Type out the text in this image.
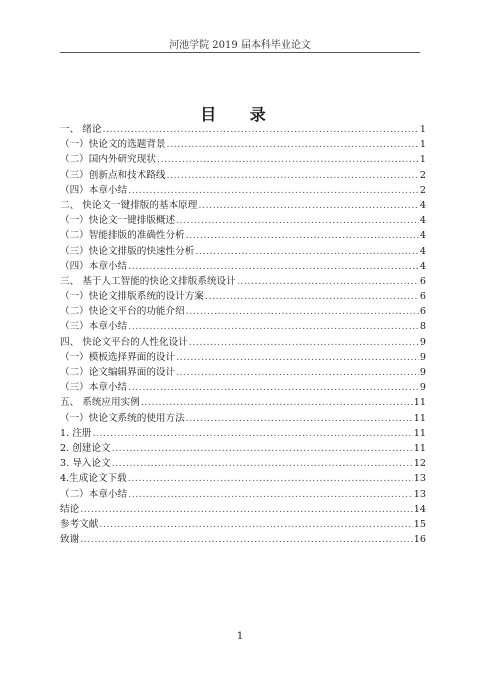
河池学院 2019 届本科毕业论文
目 录
一、 绪论 .....	1
（一）快论文的选题背景 .....	1
（二）国内外研究现状 .....	1
（三）创新点和技术路线 .....	2
（四）本章小结 .....	2
二、 快论文一键排版的基本原理 .....	4
（一）快论文一键排版概述 .....	4
（二）智能排版的准确性分析 .....	4
（三）快论文排版的快速性分析 .....	4
（四）本章小结 .....	4
三、 基于人工智能的快论文排版系统设计 .....	6
（一）快论文排版系统的设计方案 .....	6
（二）快论文平台的功能介绍 .....	6
（三）本章小结 .....	8
四、 快论文平台的人性化设计 .....	9
（一）模板选择界面的设计 .....	9
（二）论文编辑界面的设计 .....	9
（三）本章小结 .....	9
五、 系统应用实例 .....	11
（一）快论文系统的使用方法 .....	11
1. 注册 .....	11
2. 创建论文 .....	11
3. 导入论文 .....	12
4.生成论文下载 .....	13
（二）本章小结 .....	13
结论 .....	14
参考文献 .....	15
致谢 .....	16
1
